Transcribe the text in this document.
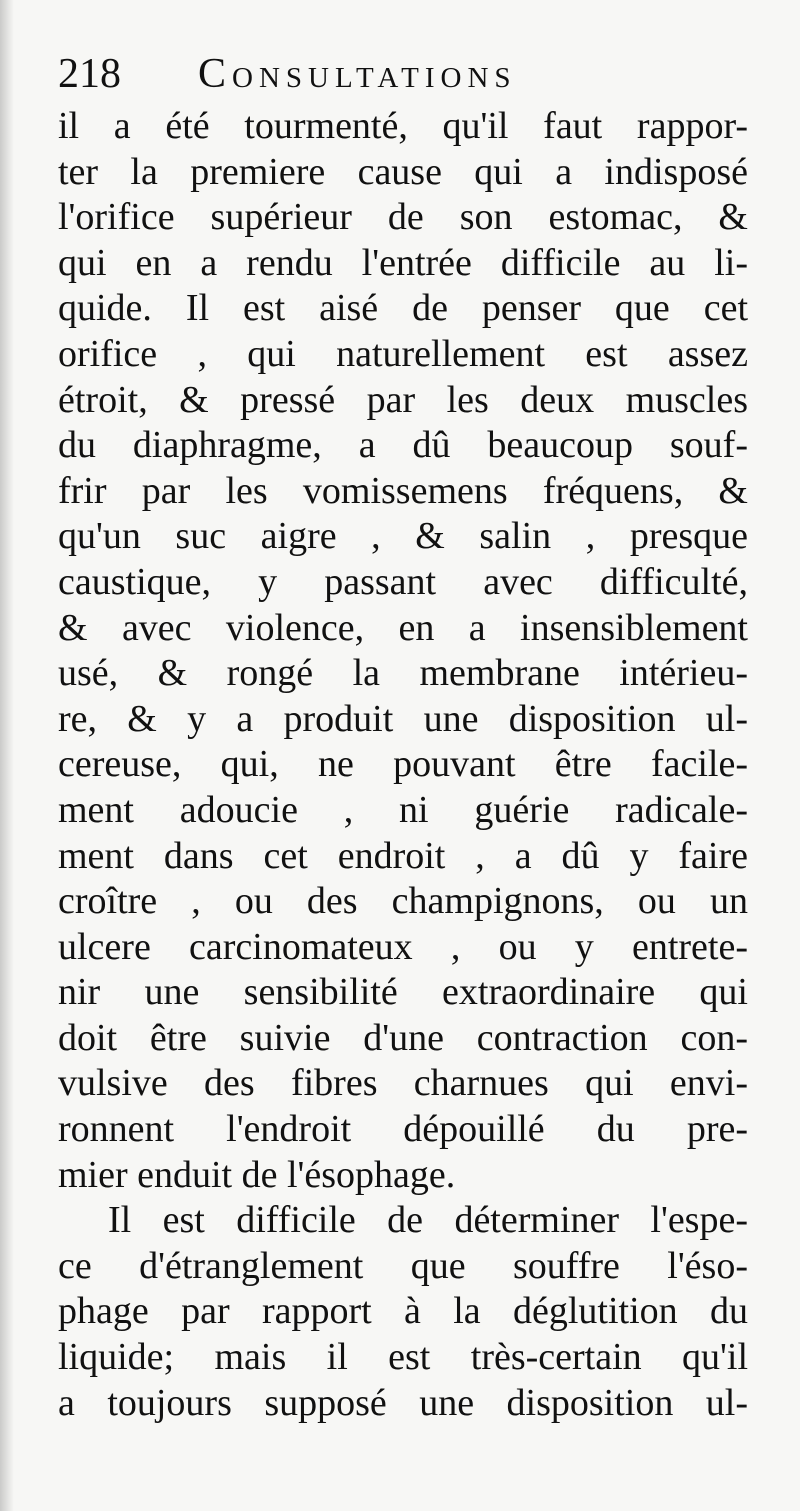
218 Consultations
il a été tourmenté, qu'il faut rappor-
ter la premiere cause qui a indisposé
l'orifice supérieur de son estomac, &
qui en a rendu l'entrée difficile au li-
quide. Il est aisé de penser que cet
orifice , qui naturellement est assez
étroit, & pressé par les deux muscles
du diaphragme, a dû beaucoup souf-
frir par les vomissemens fréquens, &
qu'un suc aigre , & salin , presque
caustique, y passant avec difficulté,
& avec violence, en a insensiblement
usé, & rongé la membrane intérieu-
re, & y a produit une disposition ul-
cereuse, qui, ne pouvant être facile-
ment adoucie , ni guérie radicale-
ment dans cet endroit , a dû y faire
croître , ou des champignons, ou un
ulcere carcinomateux , ou y entrete-
nir une sensibilité extraordinaire qui
doit être suivie d'une contraction con-
vulsive des fibres charnues qui envi-
ronnent l'endroit dépouillé du pre-
mier enduit de l'ésophage.
Il est difficile de déterminer l'espe-
ce d'étranglement que souffre l'éso-
phage par rapport à la déglutition du
liquide; mais il est très-certain qu'il
a toujours supposé une disposition ul-
